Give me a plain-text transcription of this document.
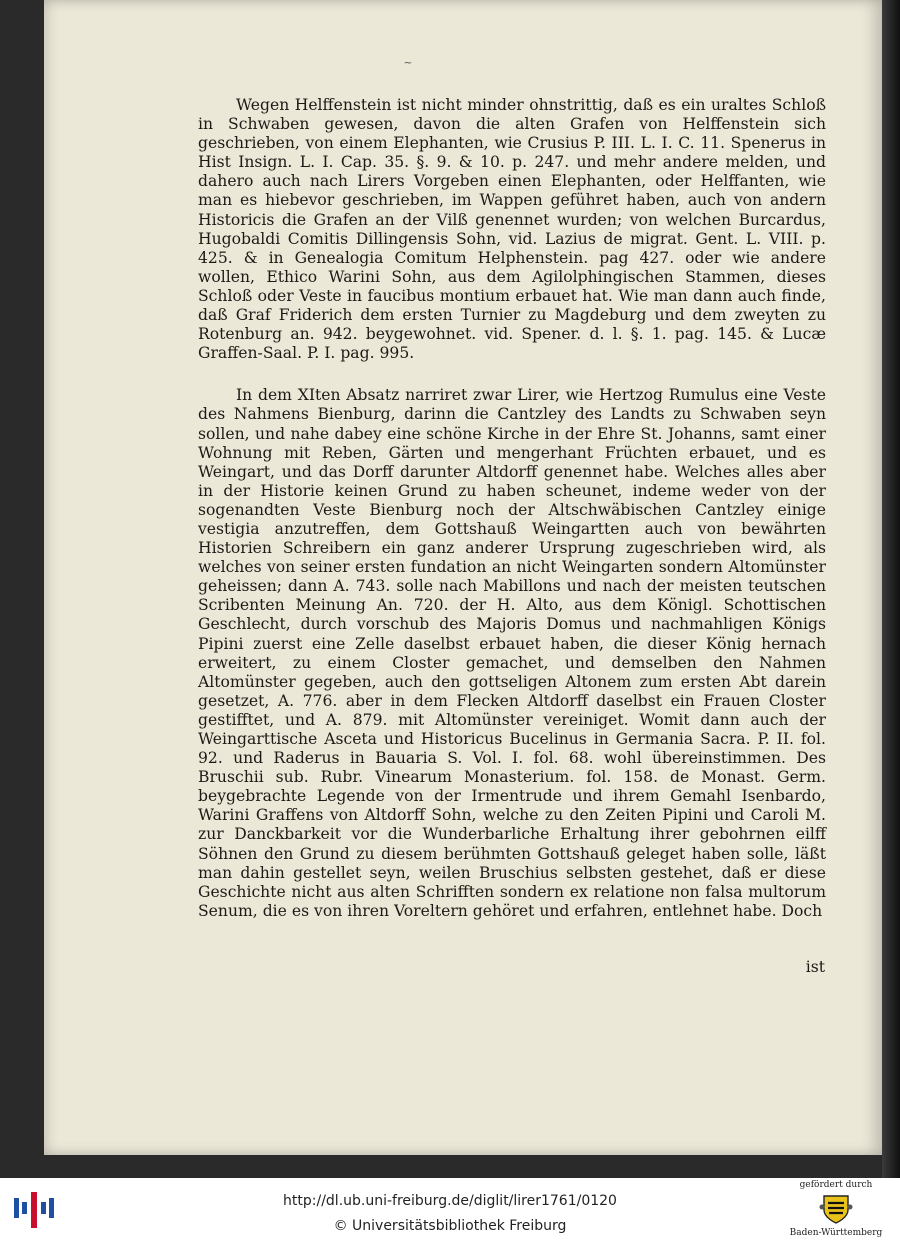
~

Wegen Helffenstein ist nicht minder ohnstrittig, daß es ein uraltes Schloß in Schwaben gewesen, davon die alten Grafen von Helffenstein sich geschrieben, von einem Elephanten, wie Crusius P. III. L. I. C. 11. Spenerus in Hist Insign. L. I. Cap. 35. §. 9. & 10. p. 247. und mehr andere melden, und dahero auch nach Lirers Vorgeben einen Elephanten, oder Helffanten, wie man es hiebevor geschrieben, im Wappen geführet haben, auch von andern Historicis die Grafen an der Vilß genennet wurden; von welchen Burcardus, Hugobaldi Comitis Dillingensis Sohn, vid. Lazius de migrat. Gent. L. VIII. p. 425. & in Genealogia Comitum Helphenstein. pag 427. oder wie andere wollen, Ethico Warini Sohn, aus dem Agilolphingischen Stammen, dieses Schloß oder Veste in faucibus montium erbauet hat. Wie man dann auch finde, daß Graf Friderich dem ersten Turnier zu Magdeburg und dem zweyten zu Rotenburg an. 942. beygewohnet. vid. Spener. d. l. §. 1. pag. 145. & Lucæ Graffen-Saal. P. I. pag. 995.

In dem XIten Absatz narriret zwar Lirer, wie Hertzog Rumulus eine Veste des Nahmens Bienburg, darinn die Cantzley des Landts zu Schwaben seyn sollen, und nahe dabey eine schöne Kirche in der Ehre St. Johanns, samt einer Wohnung mit Reben, Gärten und mengerhant Früchten erbauet, und es Weingart, und das Dorff darunter Altdorff genennet habe. Welches alles aber in der Historie keinen Grund zu haben scheunet, indeme weder von der sogenandten Veste Bienburg noch der Altschwäbischen Cantzley einige vestigia anzutreffen, dem Gottshauß Weingartten auch von bewährten Historien Schreibern ein ganz anderer Ursprung zugeschrieben wird, als welches von seiner ersten fundation an nicht Weingarten sondern Altomünster geheissen; dann A. 743. solle nach Mabillons und nach der meisten teutschen Scribenten Meinung An. 720. der H. Alto, aus dem Königl. Schottischen Geschlecht, durch vorschub des Majoris Domus und nachmahligen Königs Pipini zuerst eine Zelle daselbst erbauet haben, die dieser König hernach erweitert, zu einem Closter gemachet, und demselben den Nahmen Altomünster gegeben, auch den gottseligen Altonem zum ersten Abt darein gesetzet, A. 776. aber in dem Flecken Altdorff daselbst ein Frauen Closter gestifftet, und A. 879. mit Altomünster vereiniget. Womit dann auch der Weingarttische Asceta und Historicus Bucelinus in Germania Sacra. P. II. fol. 92. und Raderus in Bauaria S. Vol. I. fol. 68. wohl übereinstimmen. Des Bruschii sub. Rubr. Vinearum Monasterium. fol. 158. de Monast. Germ. beygebrachte Legende von der Irmentrude und ihrem Gemahl Isenbardo, Warini Graffens von Altdorff Sohn, welche zu den Zeiten Pipini und Caroli M. zur Danckbarkeit vor die Wunderbarliche Erhaltung ihrer gebohrnen eilff Söhnen den Grund zu diesem berühmten Gottshauß geleget haben solle, läßt man dahin gestellet seyn, weilen Bruschius selbsten gestehet, daß er diese Geschichte nicht aus alten Schrifften sondern ex relatione non falsa multorum Senum, die es von ihren Voreltern gehöret und erfahren, entlehnet habe. Doch

ist
http://dl.ub.uni-freiburg.de/diglit/lirer1761/0120
© Universitätsbibliothek Freiburg
gefördert durch
Baden-Württemberg
